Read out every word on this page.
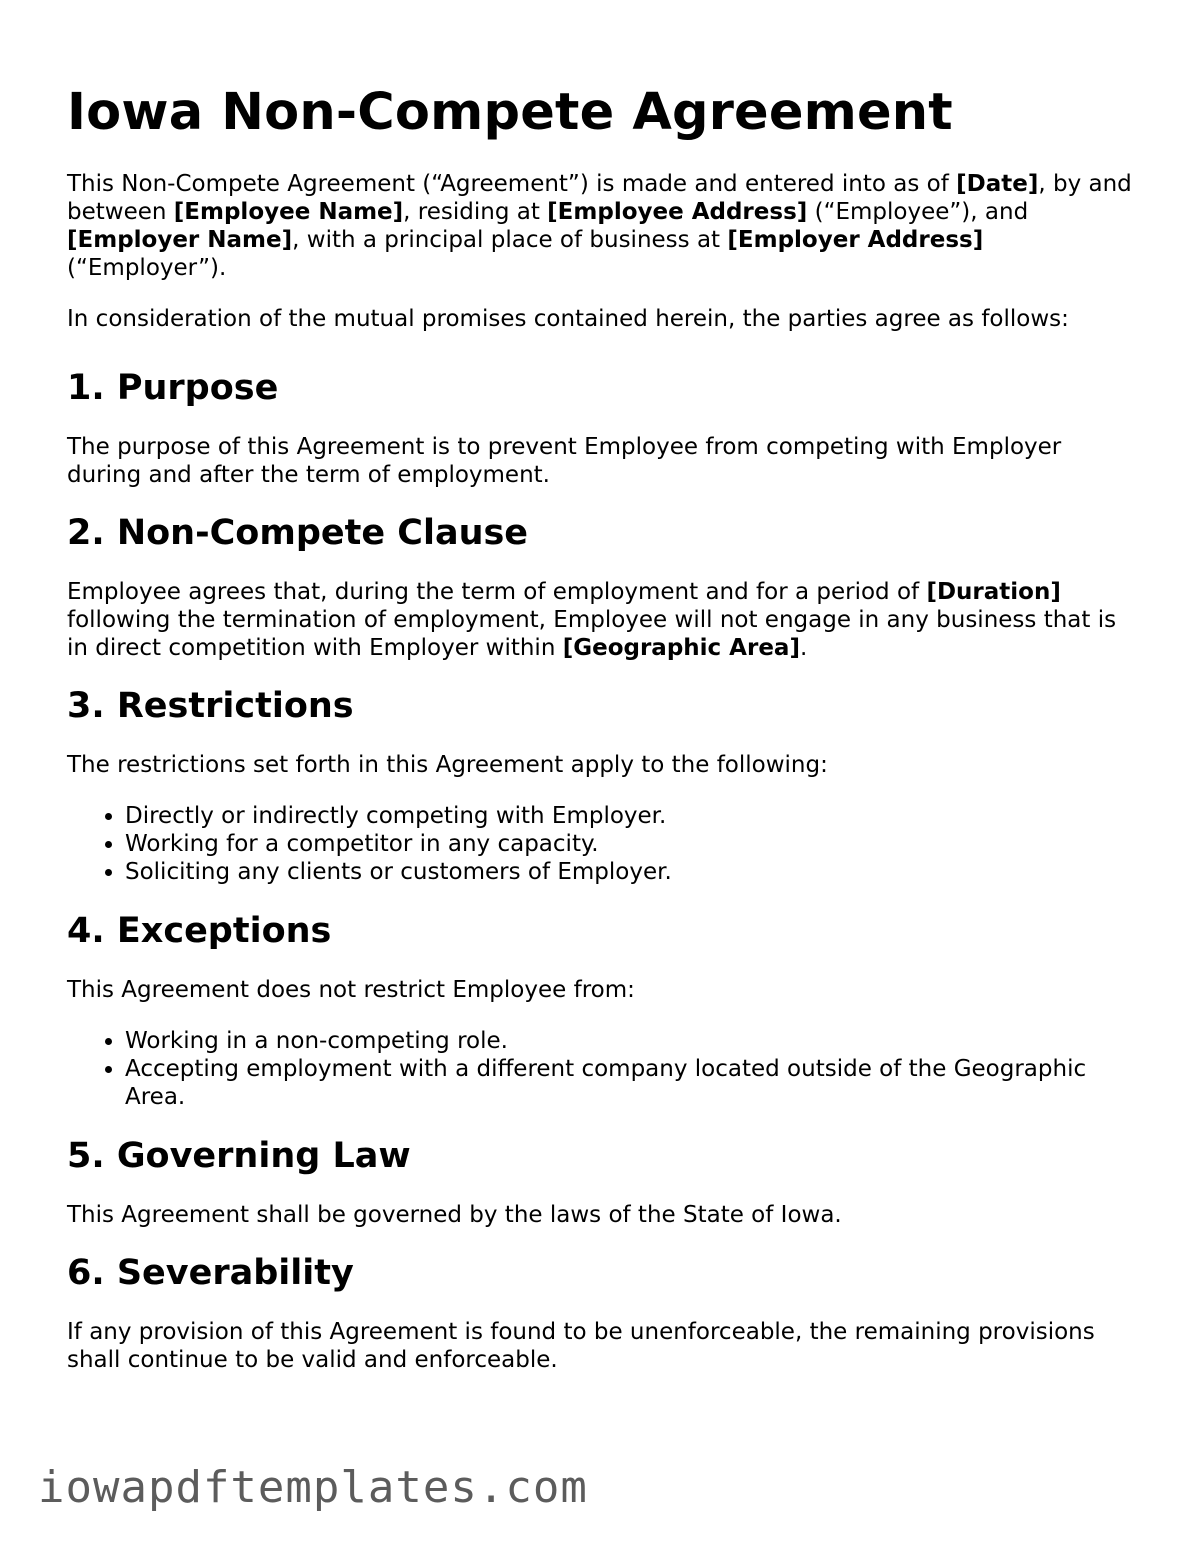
Iowa Non-Compete Agreement

This Non-Compete Agreement (“Agreement”) is made and entered into as of [Date], by and between [Employee Name], residing at [Employee Address] (“Employee”), and [Employer Name], with a principal place of business at [Employer Address] (“Employer”).

In consideration of the mutual promises contained herein, the parties agree as follows:

1. Purpose

The purpose of this Agreement is to prevent Employee from competing with Employer during and after the term of employment.

2. Non-Compete Clause

Employee agrees that, during the term of employment and for a period of [Duration] following the termination of employment, Employee will not engage in any business that is in direct competition with Employer within [Geographic Area].

3. Restrictions

The restrictions set forth in this Agreement apply to the following:

• Directly or indirectly competing with Employer.
• Working for a competitor in any capacity.
• Soliciting any clients or customers of Employer.
4. Exceptions

This Agreement does not restrict Employee from:

• Working in a non-competing role.
• Accepting employment with a different company located outside of the Geographic Area.
5. Governing Law

This Agreement shall be governed by the laws of the State of Iowa.

6. Severability

If any provision of this Agreement is found to be unenforceable, the remaining provisions shall continue to be valid and enforceable.

iowapdftemplates.com
